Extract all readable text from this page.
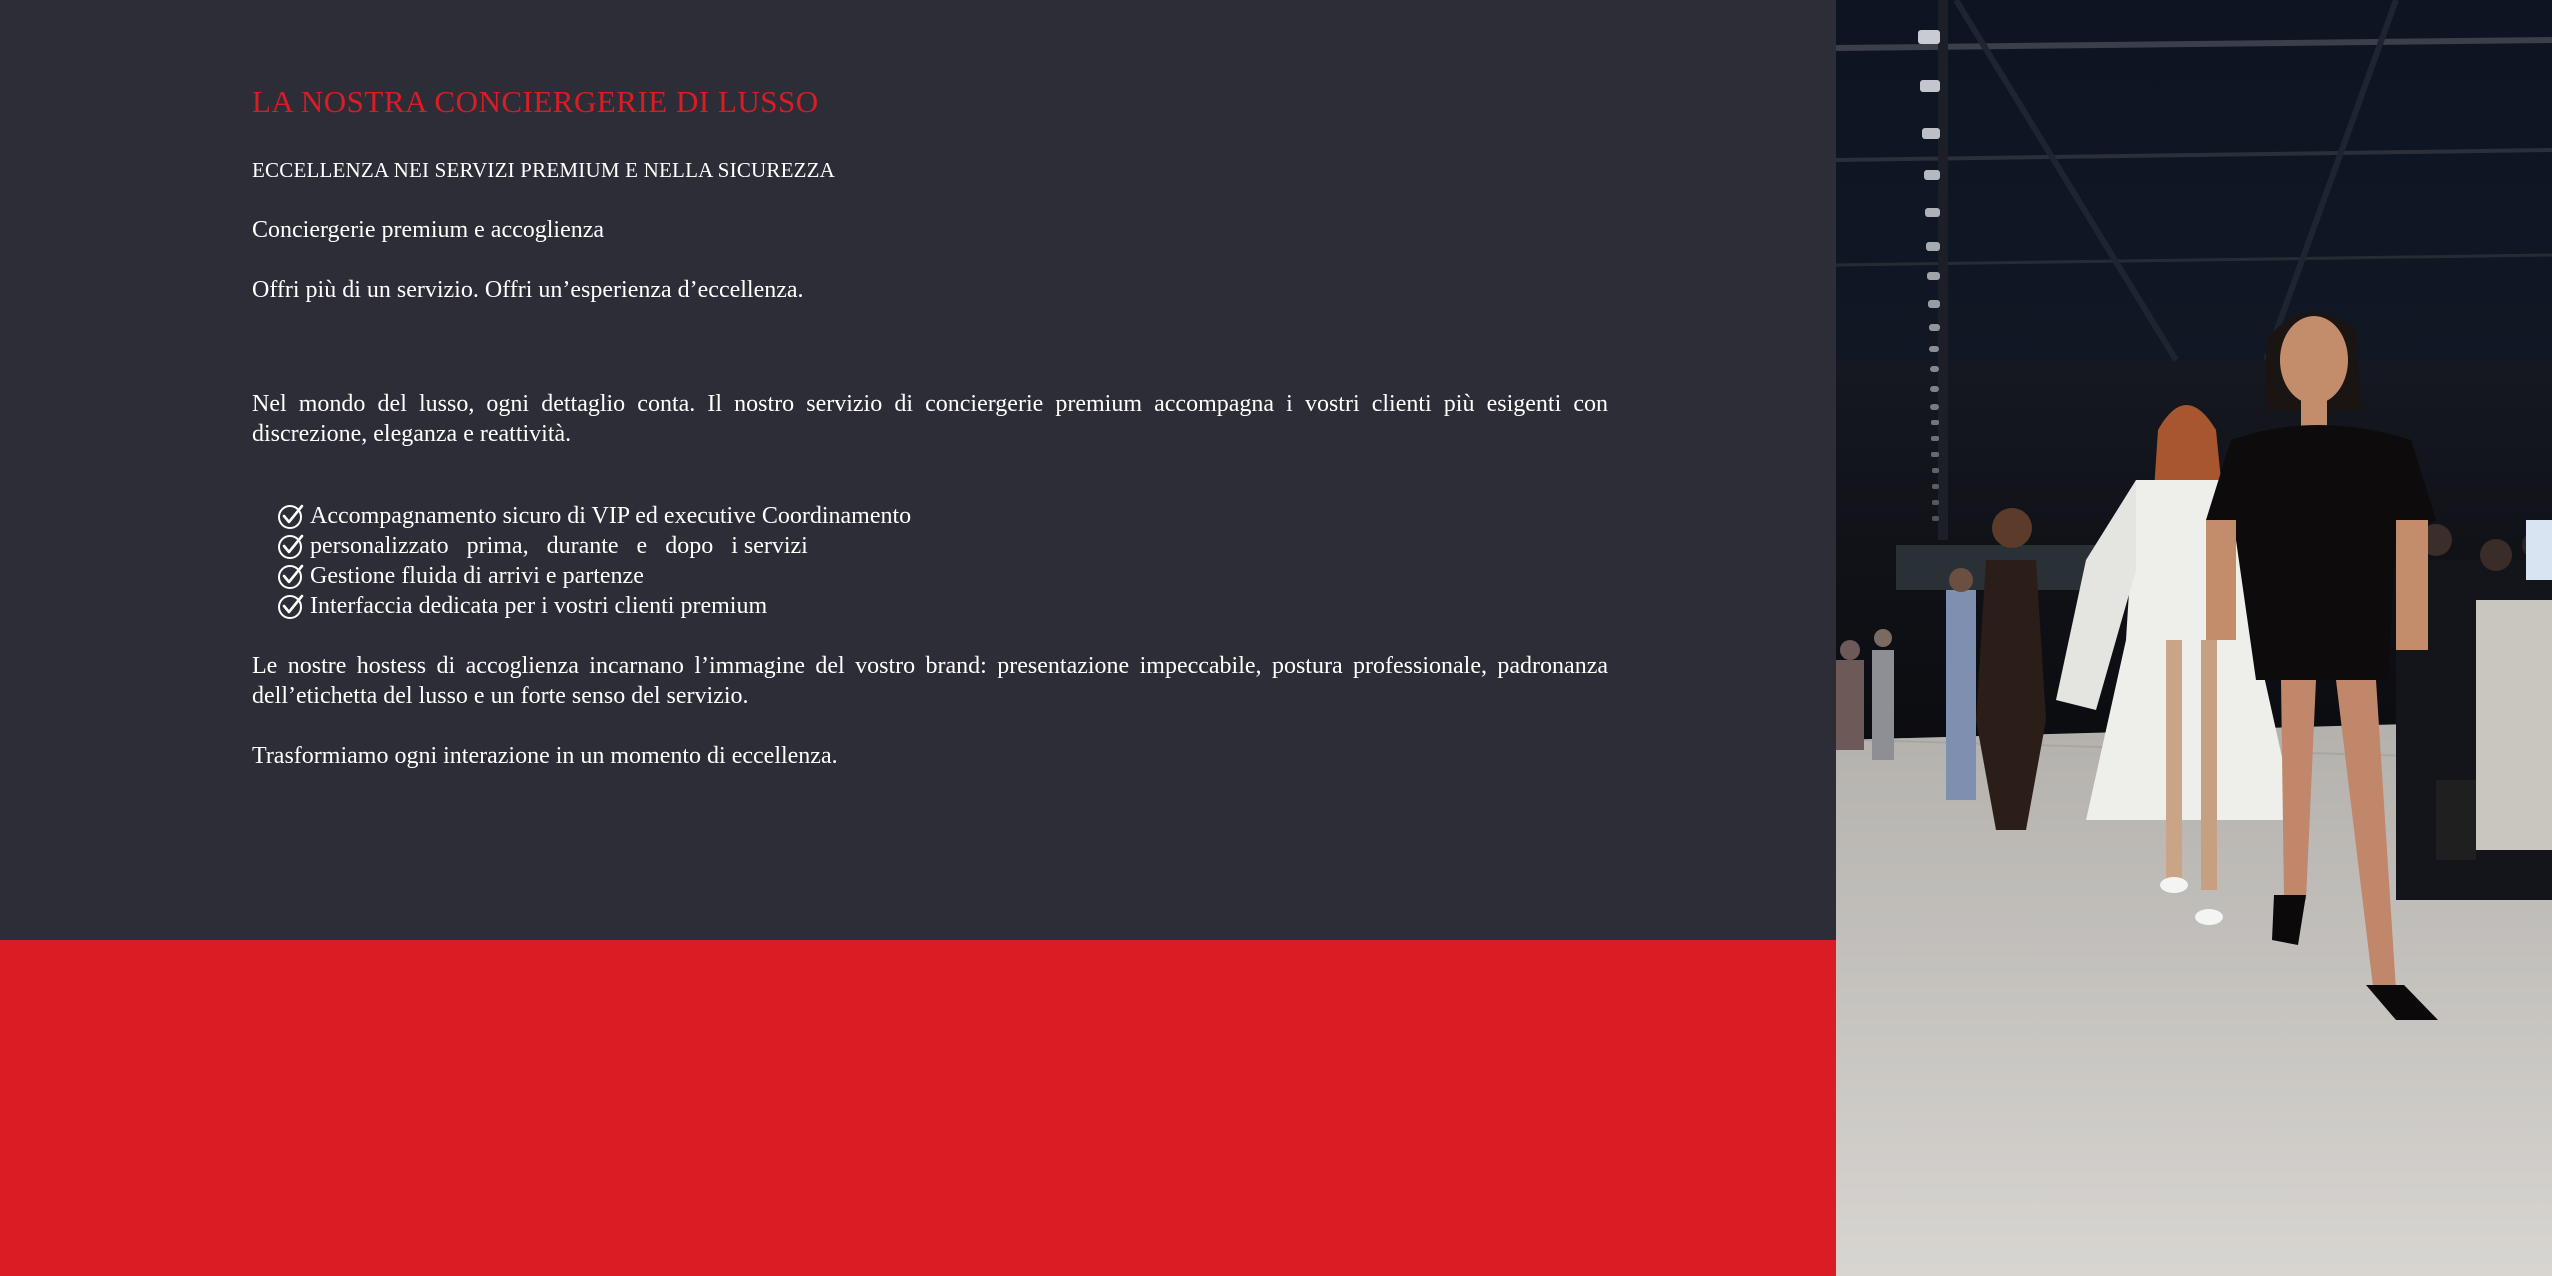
LA NOSTRA CONCIERGERIE DI LUSSO
ECCELLENZA NEI SERVIZI PREMIUM E NELLA SICUREZZA

Conciergerie premium e accoglienza

Offri più di un servizio. Offri un’esperienza d’eccellenza.

Nel mondo del lusso, ogni dettaglio conta. Il nostro servizio di conciergerie premium accompagna i vostri clienti più esigenti con discrezione, eleganza e reattività.

Accompagnamento sicuro di VIP ed executive Coordinamento
personalizzato   prima,   durante   e   dopo   i servizi
Gestione fluida di arrivi e partenze
Interfaccia dedicata per i vostri clienti premium

Le nostre hostess di accoglienza incarnano l’immagine del vostro brand: presentazione impeccabile, postura professionale, padronanza dell’etichetta del lusso e un forte senso del servizio.

Trasformiamo ogni interazione in un momento di eccellenza.
